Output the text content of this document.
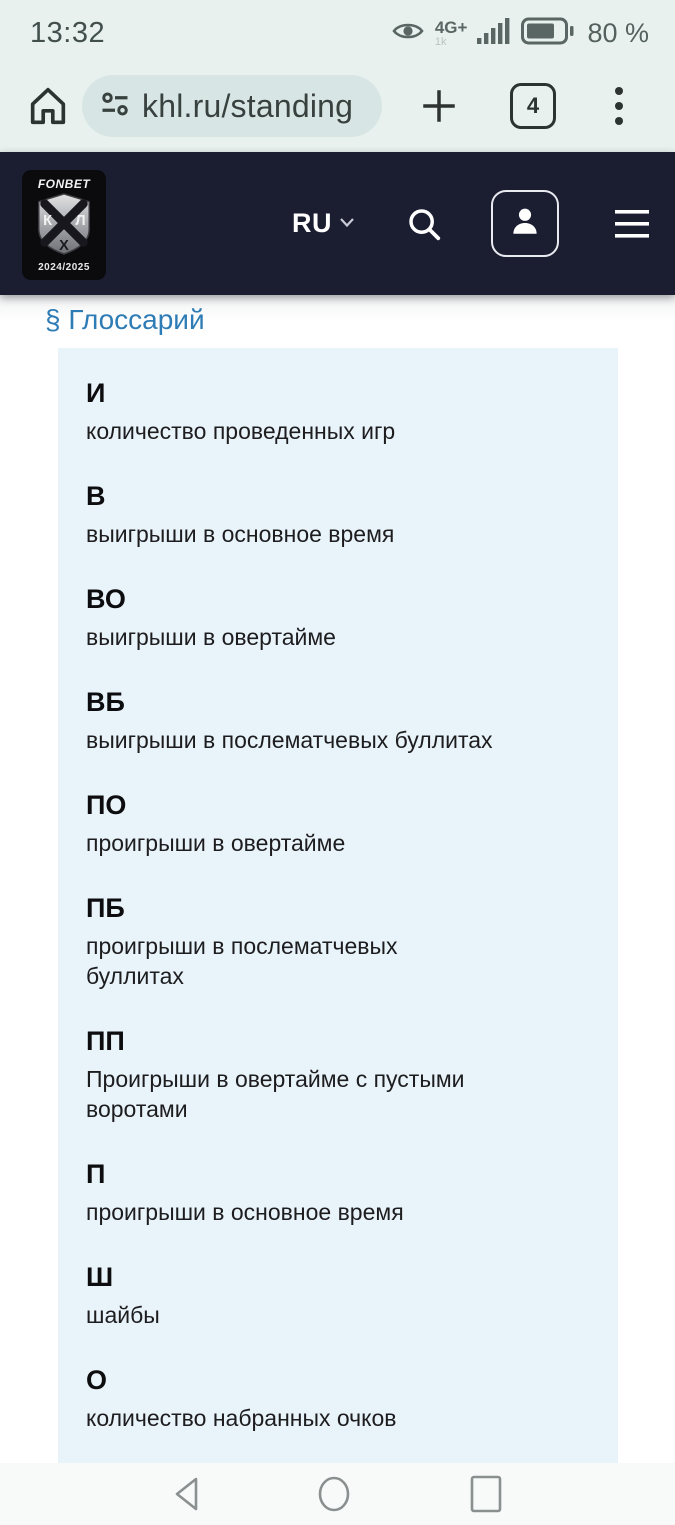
13:32	4G+
1k	80 %
khl.ru/standing	4
FONBET
К Л
Х
2024/2025
RU
§ Глоссарий
И
количество проведенных игр
В
выигрыши в основное время
ВО
выигрыши в овертайме
ВБ
выигрыши в послематчевых буллитах
ПО
проигрыши в овертайме
ПБ
проигрыши в послематчевых буллитах
ПП
Проигрыши в овертайме с пустыми воротами
П
проигрыши в основное время
Ш
шайбы
О
количество набранных очков
